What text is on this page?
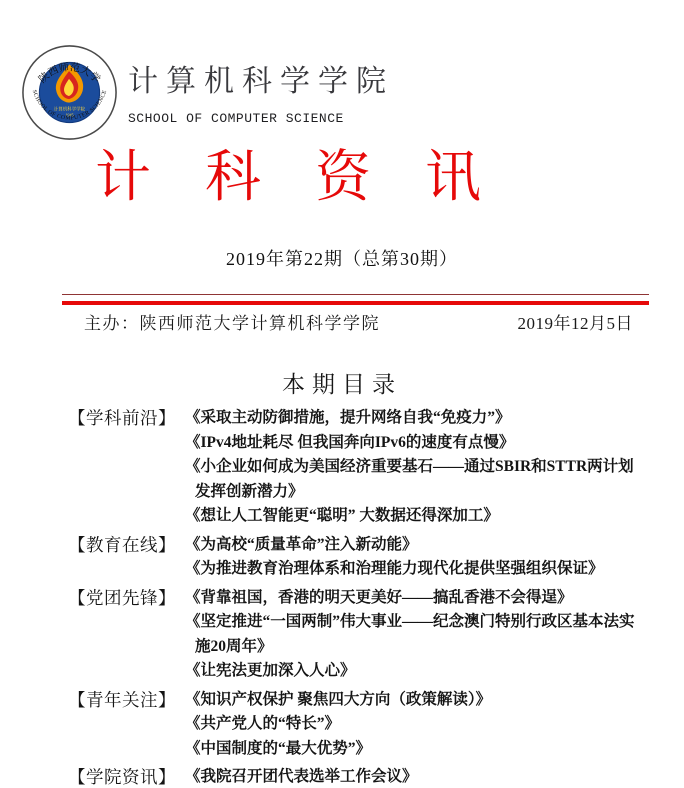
计算机科学学院
1945
陕西师范大学
SCHOOL OF COMPUTER SCIENCE 计算机科学学院
SCHOOL OF COMPUTER SCIENCE
计科资讯
2019年第22期（总第30期）
主办：陕西师范大学计算机科学学院	2019年12月5日
本期目录
【学科前沿】 《采取主动防御措施，提升网络自我“免疫力”》

《IPv4地址耗尽 但我国奔向IPv6的速度有点慢》

《小企业如何成为美国经济重要基石——通过SBIR和STTR两计划发挥创新潜力》

《想让人工智能更“聪明” 大数据还得深加工》

【教育在线】 《为高校“质量革命”注入新动能》

《为推进教育治理体系和治理能力现代化提供坚强组织保证》

【党团先锋】 《背靠祖国，香港的明天更美好——搞乱香港不会得逞》

《坚定推进“一国两制”伟大事业——纪念澳门特别行政区基本法实施20周年》

《让宪法更加深入人心》

【青年关注】 《知识产权保护 聚焦四大方向（政策解读）》

《共产党人的“特长”》

《中国制度的“最大优势”》

【学院资讯】 《我院召开团代表选举工作会议》
